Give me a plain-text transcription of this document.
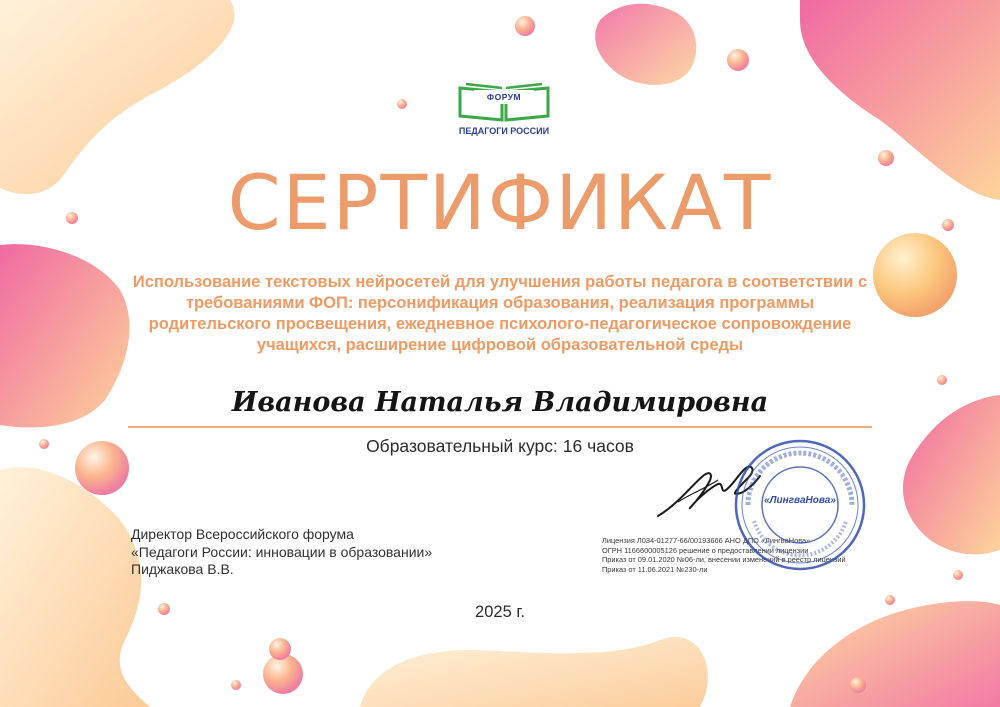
ФОРУМ
ПЕДАГОГИ РОССИИ
СЕРТИФИКАТ
Использование текстовых нейросетей для улучшения работы педагога в соответствии с требованиями ФОП: персонификация образования, реализация программы родительского просвещения, ежедневное психолого-педагогическое сопровождение учащихся, расширение цифровой образовательной среды
Иванова Наталья Владимировна
Образовательный курс: 16 часов
Директор Всероссийского форума
«Педагоги России: инновации в образовании»
Пиджакова В.В.
Лицензия Л034-01277-66/00193666 АНО ДПО «ЛингваНова»
ОГРН 1166600005126 решение о предоставлении лицензии
Приказ от 09.01.2020 №06-ли, внесении изменений в реестр лицензий
Приказ от 11.06.2021 №230-ли
«ЛингваНова»
2025 г.
